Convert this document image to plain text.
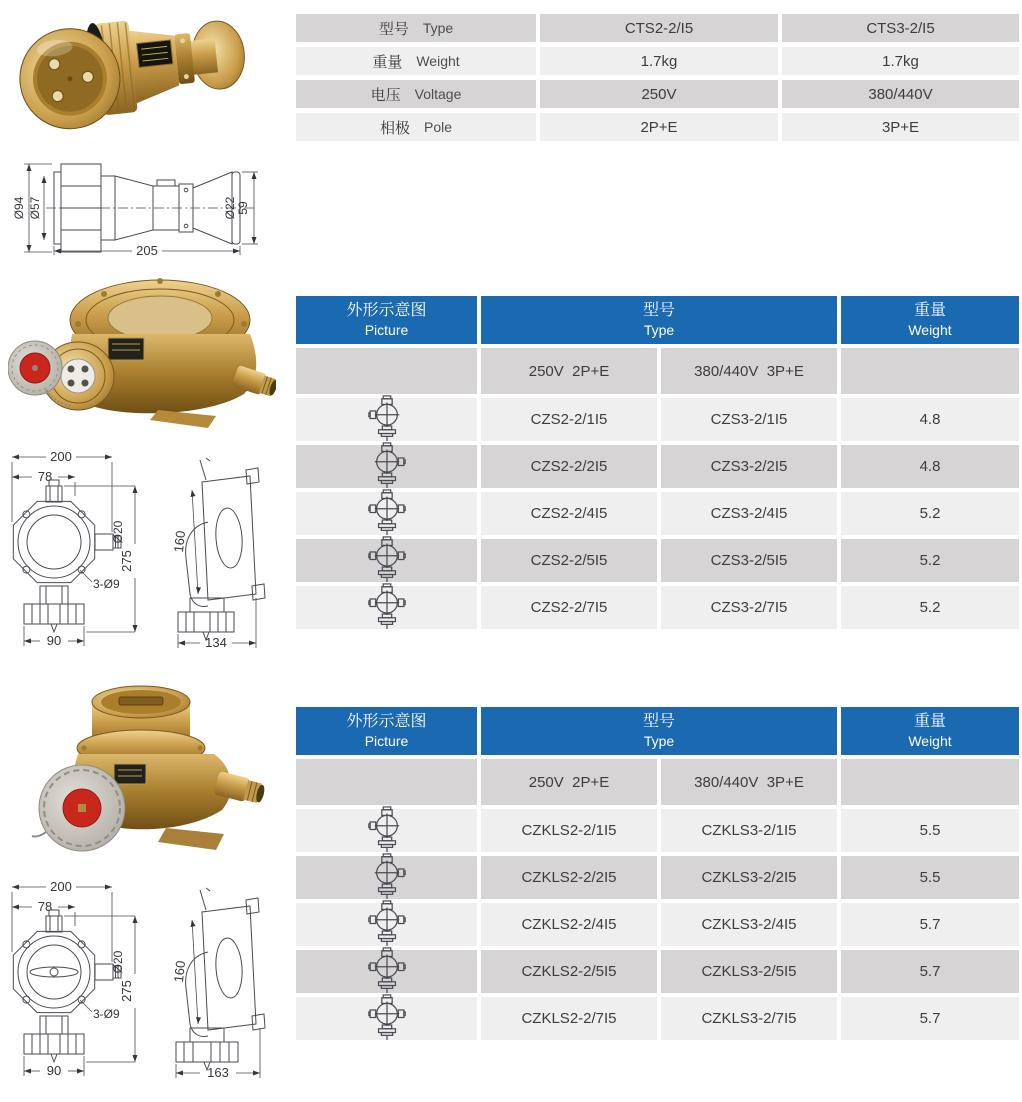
Ø94 Ø57	Ø22 59
205
型号 Type	CTS2-2/I5	CTS3-2/I5
重量 Weight	1.7kg	1.7kg
电压 Voltage	250V	380/440V
相极 Pole	2P+E	3P+E
200
78
Ø20
275
3-Ø9
90
160
134
外形示意图
Picture
型号
Type
重量
Weight
250V  2P+E	380/440V  3P+E
CZS2-2/1I5	CZS3-2/1I5	4.8
CZS2-2/2I5	CZS3-2/2I5	4.8
CZS2-2/4I5	CZS3-2/4I5	5.2
CZS2-2/5I5	CZS3-2/5I5	5.2
CZS2-2/7I5	CZS3-2/7I5	5.2
200
78
Ø20
275
3-Ø9
90
160
163
外形示意图
Picture
型号
Type
重量
Weight
250V  2P+E	380/440V  3P+E
CZKLS2-2/1I5	CZKLS3-2/1I5	5.5
CZKLS2-2/2I5	CZKLS3-2/2I5	5.5
CZKLS2-2/4I5	CZKLS3-2/4I5	5.7
CZKLS2-2/5I5	CZKLS3-2/5I5	5.7
CZKLS2-2/7I5	CZKLS3-2/7I5	5.7
